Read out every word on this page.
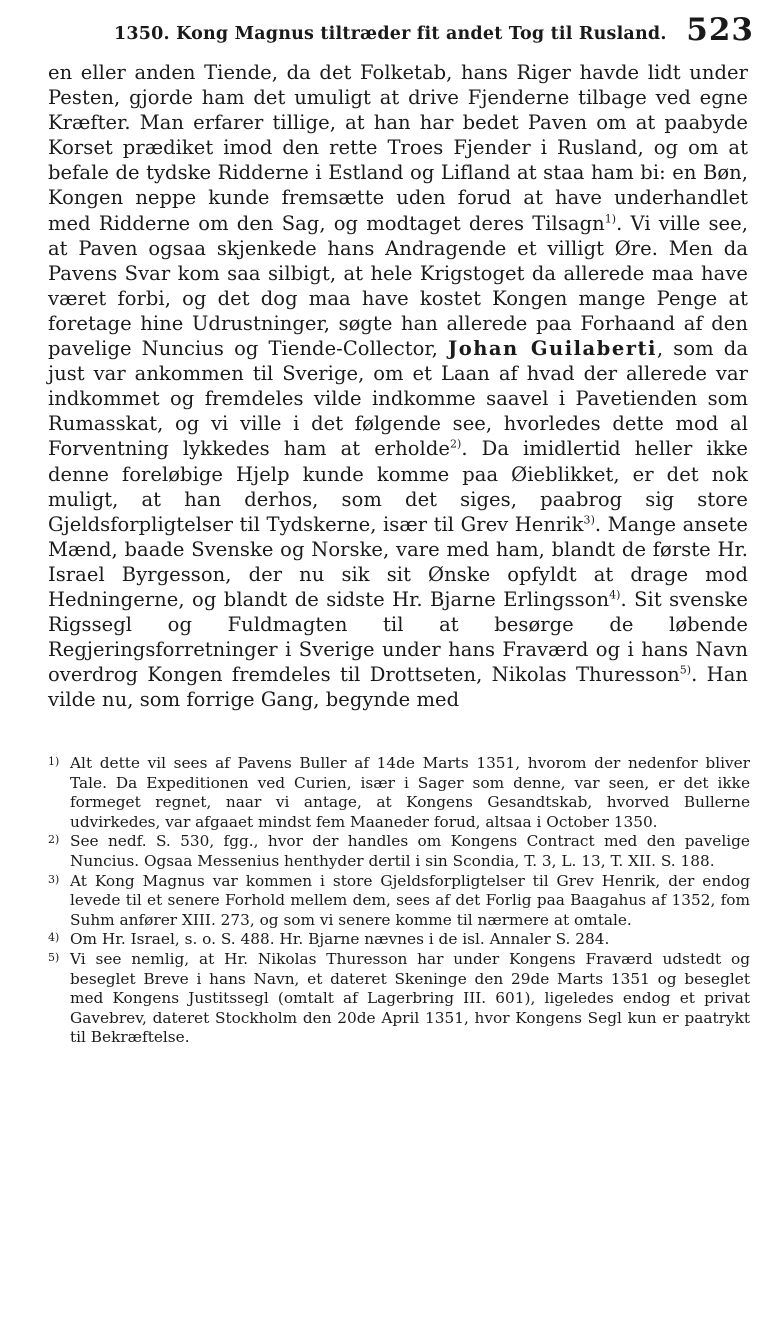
1350. Kong Magnus tiltræder fit andet Tog til Rusland. 523

en eller anden Tiende, da det Folketab, hans Riger havde lidt under Pesten, gjorde ham det umuligt at drive Fjenderne tilbage ved egne Kræfter. Man erfarer tillige, at han har bedet Paven om at paabyde Korset prædiket imod den rette Troes Fjender i Rusland, og om at befale de tydske Ridderne i Estland og Lifland at staa ham bi: en Bøn, Kongen neppe kunde fremsætte uden forud at have underhandlet med Ridderne om den Sag, og modtaget deres Tilsagn$^{1)}$. Vi ville see, at Paven ogsaa skjenkede hans Andragende et villigt Øre. Men da Pavens Svar kom saa silbigt, at hele Krigstoget da allerede maa have været forbi, og det dog maa have kostet Kongen mange Penge at foretage hine Udrustninger, søgte han allerede paa Forhaand af den pavelige Nuncius og Tiende-Collector, Johan Guilaberti, som da just var ankommen til Sverige, om et Laan af hvad der allerede var indkommet og fremdeles vilde indkomme saavel i Pavetienden som Rumasskat, og vi ville i det følgende see, hvorledes dette mod al Forventning lykkedes ham at erholde$^{2)}$. Da imidlertid heller ikke denne foreløbige Hjelp kunde komme paa Øieblikket, er det nok muligt, at han derhos, som det siges, paabrog sig store Gjeldsforpligtelser til Tydskerne, især til Grev Henrik$^{3)}$. Mange ansete Mænd, baade Svenske og Norske, vare med ham, blandt de første Hr. Israel Byrgesson, der nu sik sit Ønske opfyldt at drage mod Hedningerne, og blandt de sidste Hr. Bjarne Erlingsson$^{4)}$. Sit svenske Rigssegl og Fuldmagten til at besørge de løbende Regjeringsforretninger i Sverige under hans Fraværd og i hans Navn overdrog Kongen fremdeles til Drottseten, Nikolas Thuresson$^{5)}$. Han vilde nu, som forrige Gang, begynde med

1) Alt dette vil sees af Pavens Buller af 14de Marts 1351, hvorom der nedenfor bliver Tale. Da Expeditionen ved Curien, især i Sager som denne, var seen, er det ikke formeget regnet, naar vi antage, at Kongens Gesandtskab, hvorved Bullerne udvirkedes, var afgaaet mindst fem Maaneder forud, altsaa i October 1350.

2) See nedf. S. 530, fgg., hvor der handles om Kongens Contract med den pavelige Nuncius. Ogsaa Messenius henthyder dertil i sin Scondia, T. 3, L. 13, T. XII. S. 188.

3) At Kong Magnus var kommen i store Gjeldsforpligtelser til Grev Henrik, der endog levede til et senere Forhold mellem dem, sees af det Forlig paa Baagahus af 1352, fom Suhm anfører XIII. 273, og som vi senere komme til nærmere at omtale.

4) Om Hr. Israel, s. o. S. 488. Hr. Bjarne nævnes i de isl. Annaler S. 284.

5) Vi see nemlig, at Hr. Nikolas Thuresson har under Kongens Fraværd udstedt og beseglet Breve i hans Navn, et dateret Skeninge den 29de Marts 1351 og beseglet med Kongens Justitssegl (omtalt af Lagerbring III. 601), ligeledes endog et privat Gavebrev, dateret Stockholm den 20de April 1351, hvor Kongens Segl kun er paatrykt til Bekræftelse.
